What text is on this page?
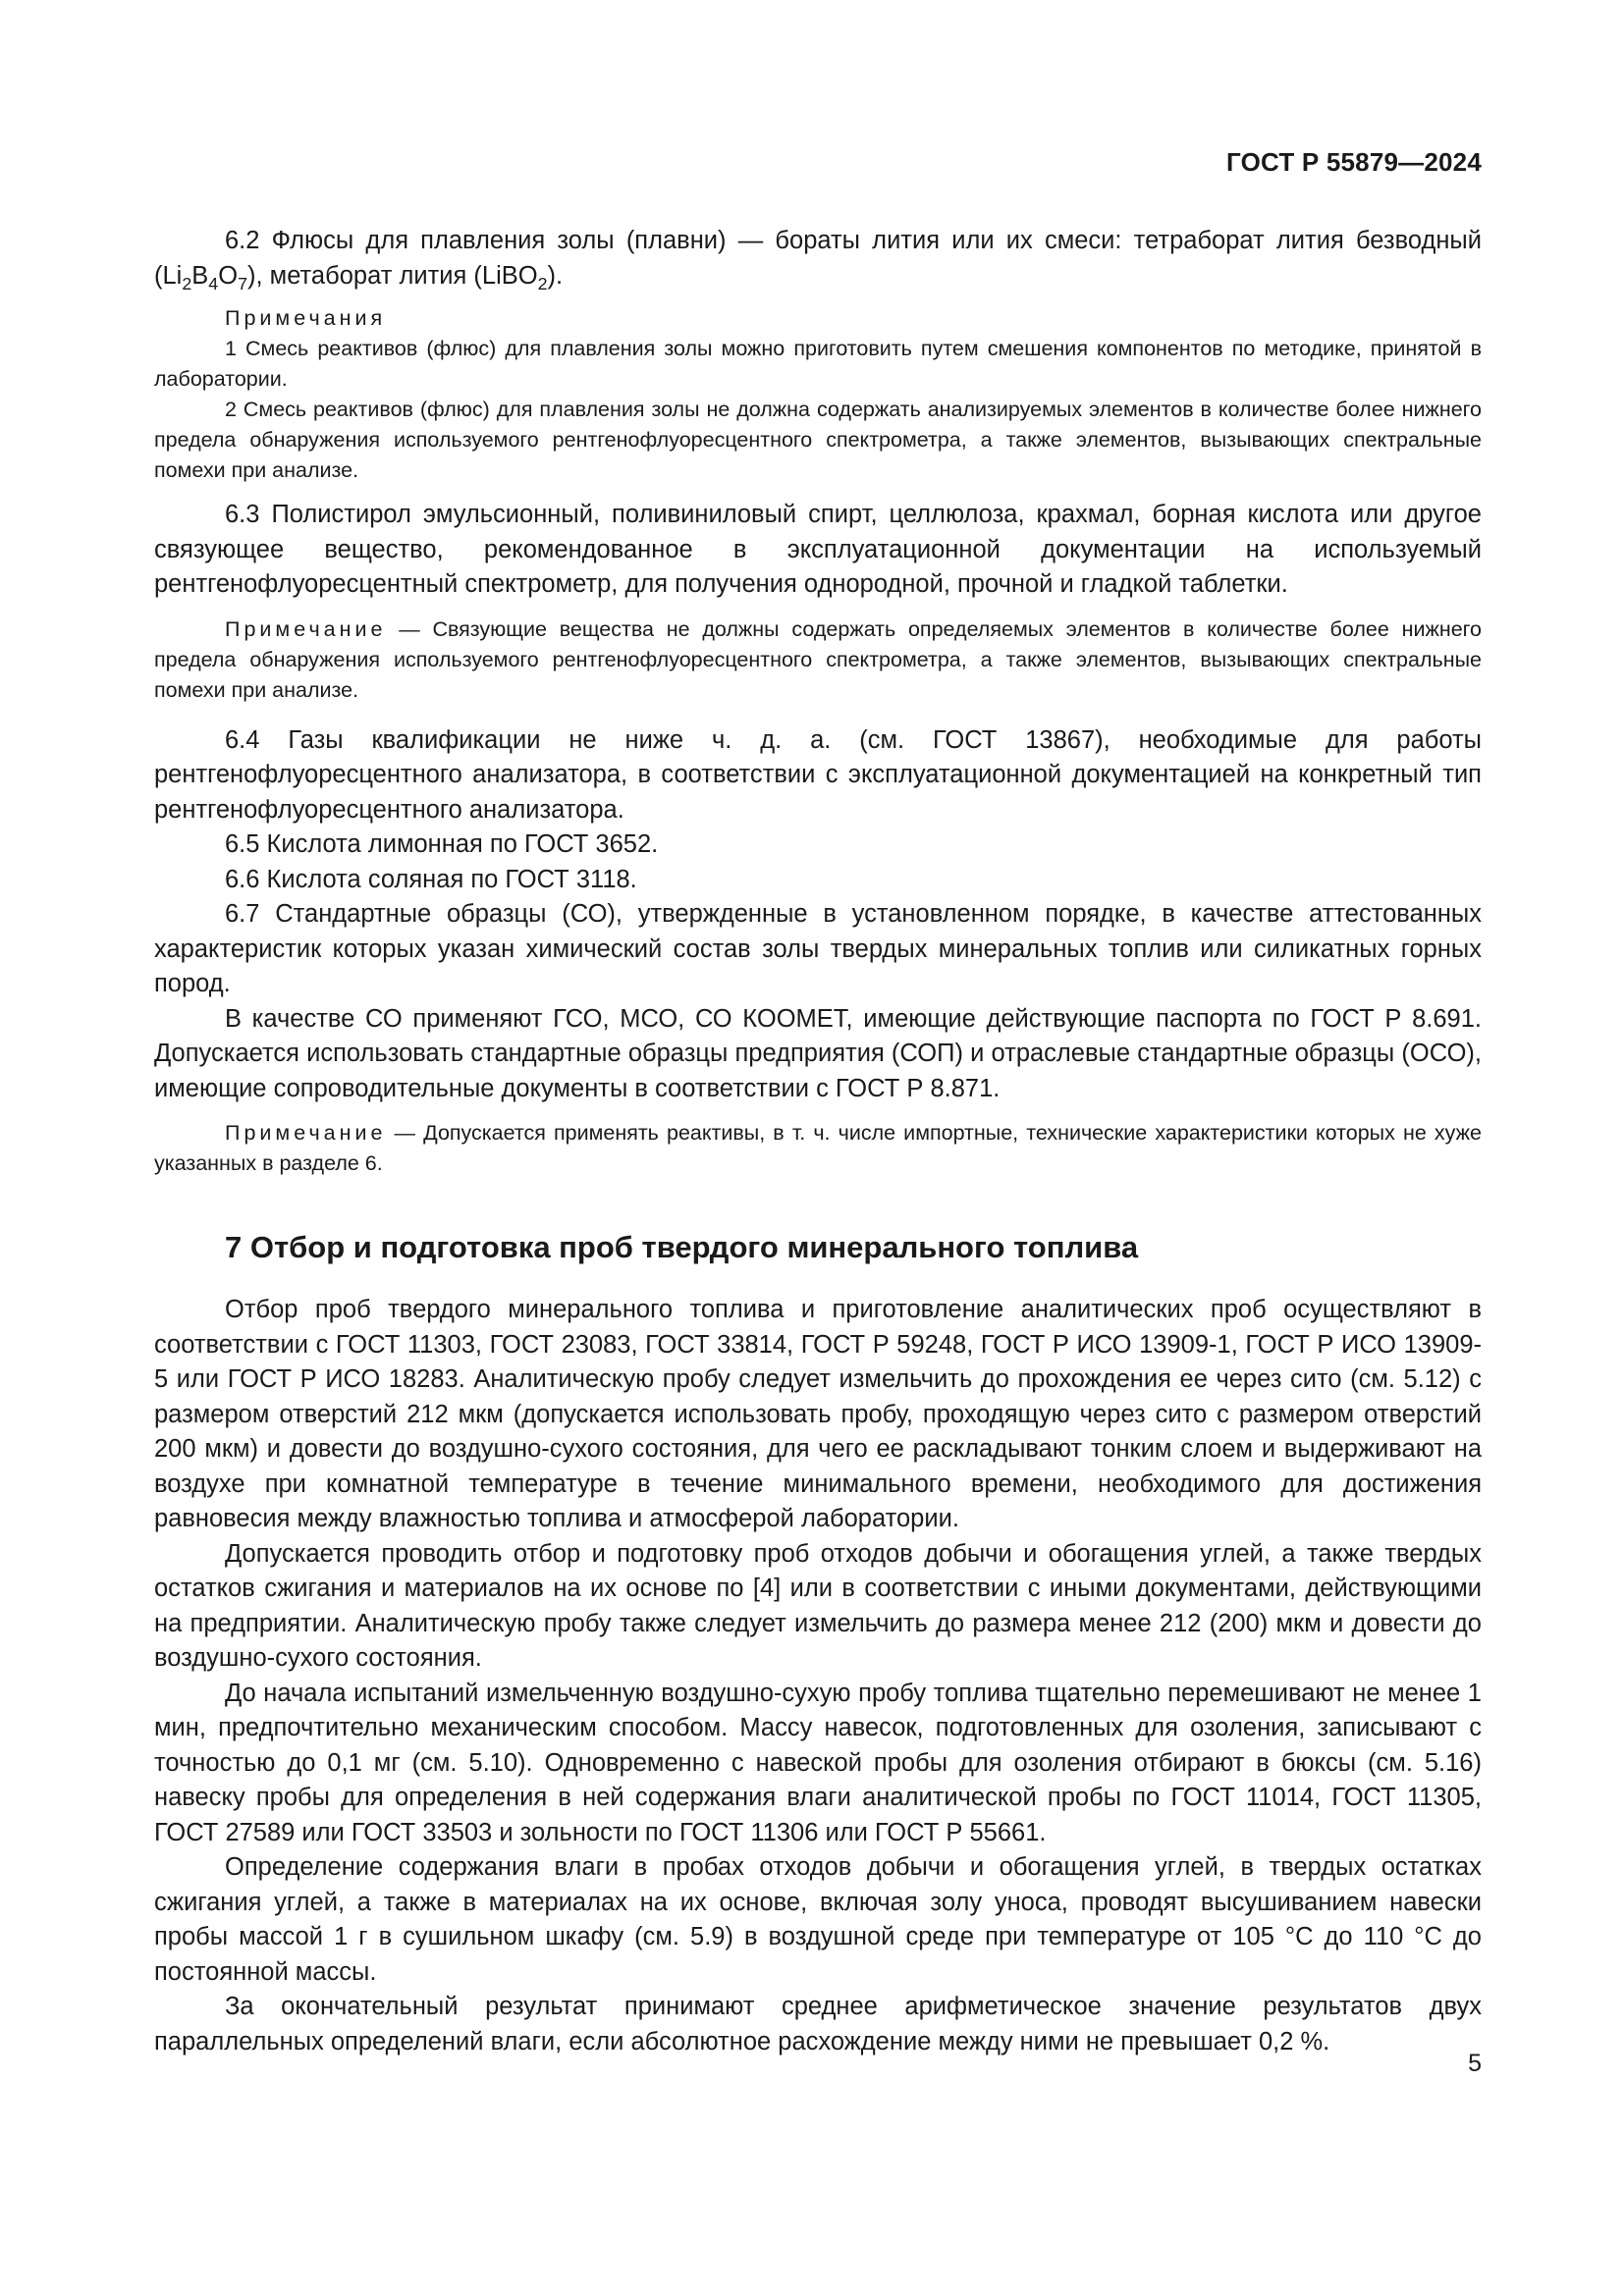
ГОСТ Р 55879—2024

6.2 Флюсы для плавления золы (плавни) — бораты лития или их смеси: тетраборат лития безводный $(Li_2B_4O_7)$, метаборат лития (LiBO$_2$).

Примечания

1 Смесь реактивов (флюс) для плавления золы можно приготовить путем смешения компонентов по методике, принятой в лаборатории.

2 Смесь реактивов (флюс) для плавления золы не должна содержать анализируемых элементов в количестве более нижнего предела обнаружения используемого рентгенофлуоресцентного спектрометра, а также элементов, вызывающих спектральные помехи при анализе.

6.3 Полистирол эмульсионный, поливиниловый спирт, целлюлоза, крахмал, борная кислота или другое связующее вещество, рекомендованное в эксплуатационной документации на используемый рентгенофлуоресцентный спектрометр, для получения однородной, прочной и гладкой таблетки.

Примечание — Связующие вещества не должны содержать определяемых элементов в количестве более нижнего предела обнаружения используемого рентгенофлуоресцентного спектрометра, а также элементов, вызывающих спектральные помехи при анализе.

6.4 Газы квалификации не ниже ч. д. а. (см. ГОСТ 13867), необходимые для работы рентгенофлуоресцентного анализатора, в соответствии с эксплуатационной документацией на конкретный тип рентгенофлуоресцентного анализатора.

6.5 Кислота лимонная по ГОСТ 3652.

6.6 Кислота соляная по ГОСТ 3118.

6.7 Стандартные образцы (СО), утвержденные в установленном порядке, в качестве аттестованных характеристик которых указан химический состав золы твердых минеральных топлив или силикатных горных пород.

В качестве СО применяют ГСО, МСО, СО КООМЕТ, имеющие действующие паспорта по ГОСТ Р 8.691. Допускается использовать стандартные образцы предприятия (СОП) и отраслевые стандартные образцы (ОСО), имеющие сопроводительные документы в соответствии с ГОСТ Р 8.871.

Примечание — Допускается применять реактивы, в т. ч. числе импортные, технические характеристики которых не хуже указанных в разделе 6.

7 Отбор и подготовка проб твердого минерального топлива

Отбор проб твердого минерального топлива и приготовление аналитических проб осуществляют в соответствии с ГОСТ 11303, ГОСТ 23083, ГОСТ 33814, ГОСТ Р 59248, ГОСТ Р ИСО 13909-1, ГОСТ Р ИСО 13909-5 или ГОСТ Р ИСО 18283. Аналитическую пробу следует измельчить до прохождения ее через сито (см. 5.12) с размером отверстий 212 мкм (допускается использовать пробу, проходящую через сито с размером отверстий 200 мкм) и довести до воздушно-сухого состояния, для чего ее раскладывают тонким слоем и выдерживают на воздухе при комнатной температуре в течение минимального времени, необходимого для достижения равновесия между влажностью топлива и атмосферой лаборатории.

Допускается проводить отбор и подготовку проб отходов добычи и обогащения углей, а также твердых остатков сжигания и материалов на их основе по [4] или в соответствии с иными документами, действующими на предприятии. Аналитическую пробу также следует измельчить до размера менее 212 (200) мкм и довести до воздушно-сухого состояния.

До начала испытаний измельченную воздушно-сухую пробу топлива тщательно перемешивают не менее 1 мин, предпочтительно механическим способом. Массу навесок, подготовленных для озоления, записывают с точностью до 0,1 мг (см. 5.10). Одновременно с навеской пробы для озоления отбирают в бюксы (см. 5.16) навеску пробы для определения в ней содержания влаги аналитической пробы по ГОСТ 11014, ГОСТ 11305, ГОСТ 27589 или ГОСТ 33503 и зольности по ГОСТ 11306 или ГОСТ Р 55661.

Определение содержания влаги в пробах отходов добычи и обогащения углей, в твердых остатках сжигания углей, а также в материалах на их основе, включая золу уноса, проводят высушиванием навески пробы массой 1 г в сушильном шкафу (см. 5.9) в воздушной среде при температуре от 105 °С до 110 °С до постоянной массы.

За окончательный результат принимают среднее арифметическое значение результатов двух параллельных определений влаги, если абсолютное расхождение между ними не превышает 0,2 %.

5
